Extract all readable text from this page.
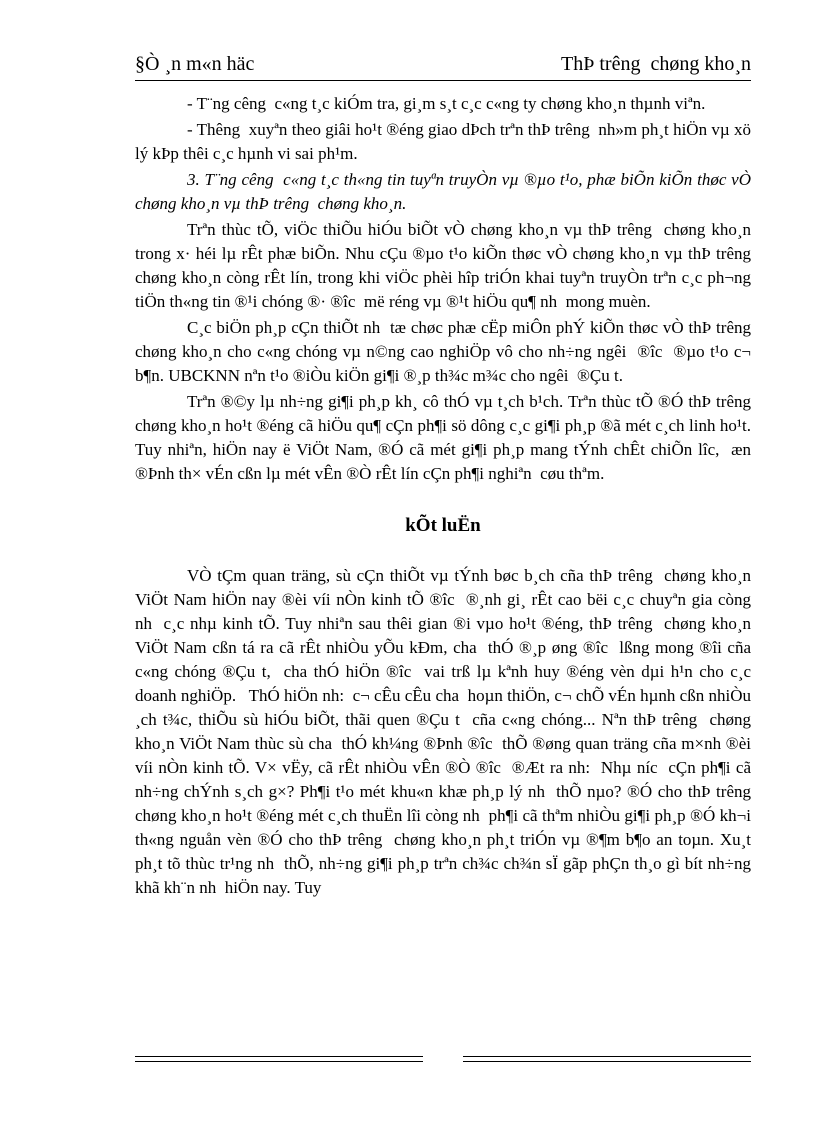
§Ò ¸n m«n häc	ThÞ trêng  chøng kho¸n

- T¨ng cêng  c«ng t¸c kiÓm tra, gi¸m s¸t c¸c c«ng ty chøng kho¸n thµnh viªn.

- Thêng  xuyªn theo giâi ho¹t ®éng giao dÞch trªn thÞ trêng  nh»m ph¸t hiÖn vµ xö lý kÞp thêi c¸c hµnh vi sai ph¹m.

3. T¨ng cêng  c«ng t¸c th«ng tin tuyªn truyÒn vµ ®µo t¹o, phæ biÕn kiÕn thøc vÒ chøng kho¸n vµ thÞ trêng  chøng kho¸n.

Trªn thùc tÕ, viÖc thiÕu hiÓu biÕt vÒ chøng kho¸n vµ thÞ trêng  chøng kho¸n trong x· héi lµ rÊt phæ biÕn. Nhu cÇu ®µo t¹o kiÕn thøc vÒ chøng kho¸n vµ thÞ trêng  chøng kho¸n còng rÊt lín, trong khi viÖc phèi hîp triÓn khai tuyªn truyÒn trªn c¸c ph¬ng tiÖn th«ng tin ®¹i chóng ®· ®îc  më réng vµ ®¹t hiÖu qu¶ nh  mong muèn.

C¸c biÖn ph¸p cÇn thiÕt nh  tæ chøc phæ cËp miÔn phÝ kiÕn thøc vÒ thÞ trêng  chøng kho¸n cho c«ng chóng vµ n©ng cao nghiÖp vô cho nh÷ng ngêi  ®îc  ®µo t¹o c¬ b¶n. UBCKNN nªn t¹o ®iÒu kiÖn gi¶i ®¸p th¾c m¾c cho ngêi  ®Çu t.

Trªn ®©y lµ nh÷ng gi¶i ph¸p kh¸ cô thÓ vµ t¸ch b¹ch. Trªn thùc tÕ ®Ó thÞ trêng  chøng kho¸n ho¹t ®éng cã hiÖu qu¶ cÇn ph¶i sö dông c¸c gi¶i ph¸p ®ã mét c¸ch linh ho¹t. Tuy nhiªn, hiÖn nay ë ViÖt Nam, ®Ó cã mét gi¶i ph¸p mang tÝnh chÊt chiÕn lîc,  æn ®Þnh th× vÉn cßn lµ mét vÊn ®Ò rÊt lín cÇn ph¶i nghiªn  cøu thªm.

kÕt luËn

VÒ tÇm quan träng, sù cÇn thiÕt vµ tÝnh bøc b¸ch cña thÞ trêng  chøng kho¸n ViÖt Nam hiÖn nay ®èi víi nÒn kinh tÕ ®îc  ®¸nh gi¸ rÊt cao bëi c¸c chuyªn gia còng nh  c¸c nhµ kinh tÕ. Tuy nhiªn sau thêi gian ®i vµo ho¹t ®éng, thÞ trêng  chøng kho¸n ViÖt Nam cßn tá ra cã rÊt nhiÒu yÕu kÐm, cha  thÓ ®¸p øng ®îc  lßng mong ®îi cña c«ng chóng ®Çu t,  cha thÓ hiÖn ®îc  vai trß lµ kªnh huy ®éng vèn dµi h¹n cho c¸c doanh nghiÖp.   ThÓ hiÖn nh:  c¬ cÊu cÊu cha  hoµn thiÖn, c¬ chÕ vÉn hµnh cßn nhiÒu  ¸ch t¾c, thiÕu sù hiÓu biÕt, thãi quen ®Çu t  cña c«ng chóng... Nªn thÞ trêng  chøng kho¸n ViÖt Nam thùc sù cha  thÓ kh¼ng ®Þnh ®îc  thÕ ®øng quan träng cña m×nh ®èi víi nÒn kinh tÕ. V× vËy, cã rÊt nhiÒu vÊn ®Ò ®îc  ®Æt ra nh:  Nhµ níc  cÇn ph¶i cã nh÷ng chÝnh s¸ch g×? Ph¶i t¹o mét khu«n khæ ph¸p lý nh  thÕ nµo? ®Ó cho thÞ trêng  chøng kho¸n ho¹t ®éng mét c¸ch thuËn lîi còng nh  ph¶i cã thªm nhiÒu gi¶i ph¸p ®Ó kh¬i th«ng nguån vèn ®Ó cho thÞ trêng  chøng kho¸n ph¸t triÓn vµ ®¶m b¶o an toµn. Xu¸t ph¸t tõ thùc tr¹ng nh  thÕ, nh÷ng gi¶i ph¸p trªn ch¾c ch¾n sÏ gãp phÇn th¸o gì bít nh÷ng khã kh¨n nh  hiÖn nay. Tuy
